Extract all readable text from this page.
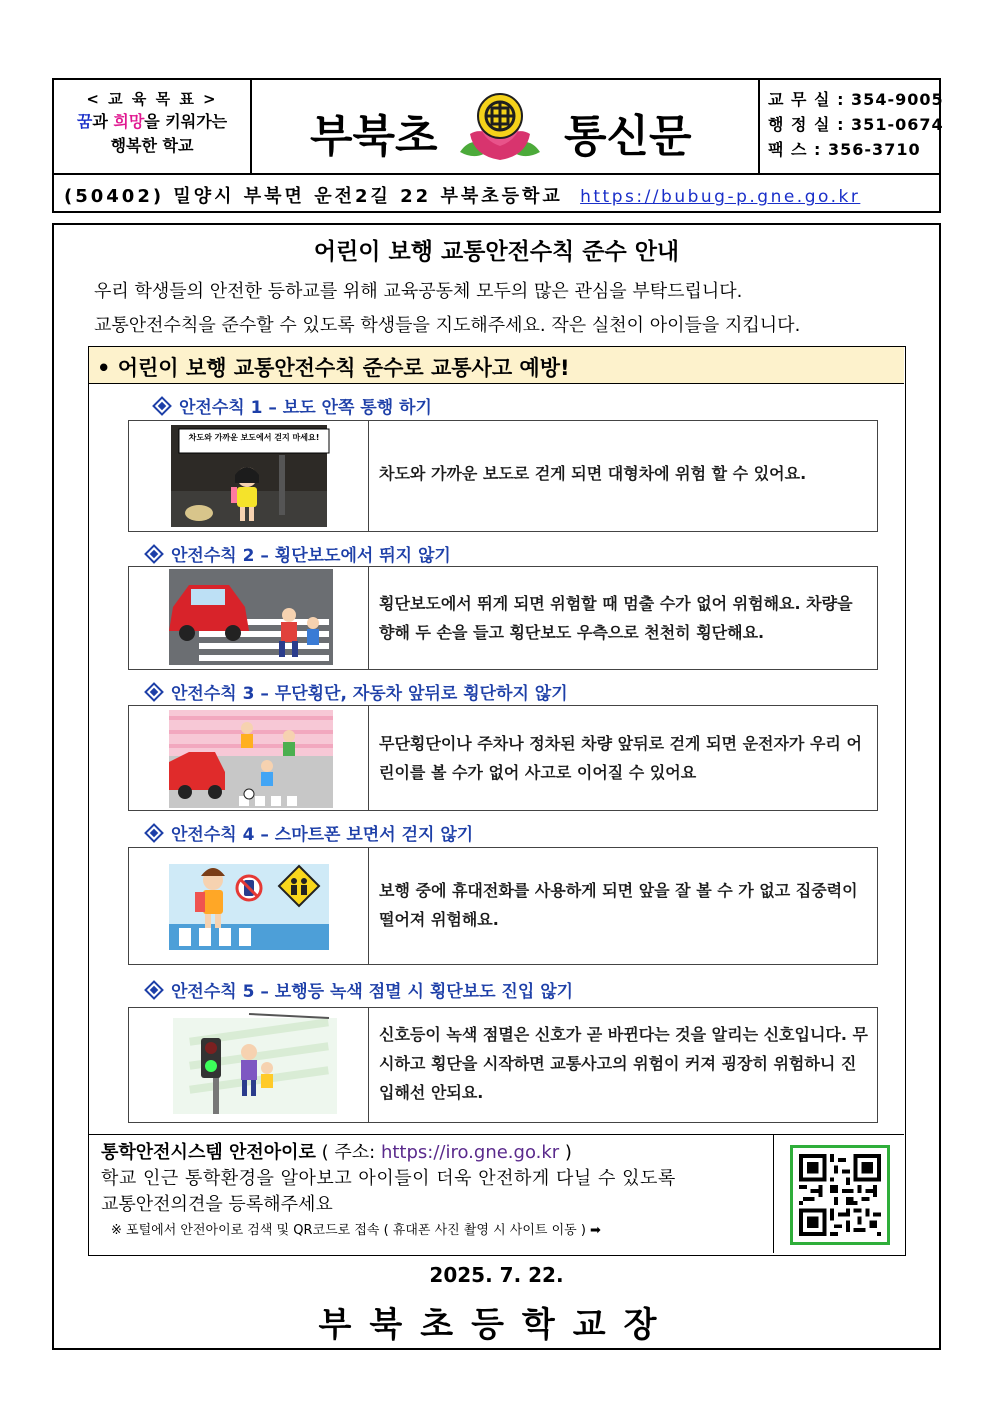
< 교 육 목 표 >
꿈과 희망을 키워가는
행복한 학교	부북초	통신문
교 무 실 : 354-9005
행 정 실 : 351-0674
팩 스 : 356-3710
(50402) 밀양시 부북면 운전2길 22 부북초등학교 https://bubug-p.gne.go.kr
어린이 보행 교통안전수칙 준수 안내
우리 학생들의 안전한 등하교를 위해 교육공동체 모두의 많은 관심을 부탁드립니다.
교통안전수칙을 준수할 수 있도록 학생들을 지도해주세요. 작은 실천이 아이들을 지킵니다.
• 어린이 보행 교통안전수칙 준수로 교통사고 예방!
안전수칙 1 – 보도 안쪽 통행 하기
차도와 가까운 보도에서 걷지 마세요!
차도와 가까운 보도로 걷게 되면 대형차에 위험 할 수 있어요.
안전수칙 2 – 횡단보도에서 뛰지 않기
횡단보도에서 뛰게 되면 위험할 때 멈출 수가 없어 위험해요. 차량을 향해 두 손을 들고 횡단보도 우측으로 천천히 횡단해요.
안전수칙 3 – 무단횡단, 자동차 앞뒤로 횡단하지 않기
무단횡단이나 주차나 정차된 차량 앞뒤로 걷게 되면 운전자가 우리 어린이를 볼 수가 없어 사고로 이어질 수 있어요
안전수칙 4 – 스마트폰 보면서 걷지 않기
보행 중에 휴대전화를 사용하게 되면 앞을 잘 볼 수 가 없고 집중력이 떨어져 위험해요.
안전수칙 5 – 보행등 녹색 점멸 시 횡단보도 진입 않기
신호등이 녹색 점멸은 신호가 곧 바뀐다는 것을 알리는 신호입니다. 무시하고 횡단을 시작하면 교통사고의 위험이 커져 굉장히 위험하니 진입해선 안되요.
통학안전시스템 안전아이로 ( 주소: https://iro.gne.go.kr )
학교 인근 통학환경을 알아보고 아이들이 더욱 안전하게 다닐 수 있도록
교통안전의견을 등록해주세요
※ 포털에서 안전아이로 검색 및 QR코드로 접속 ( 휴대폰 사진 촬영 시 사이트 이동 ) ➡
2025. 7. 22.
부북초등학교장
